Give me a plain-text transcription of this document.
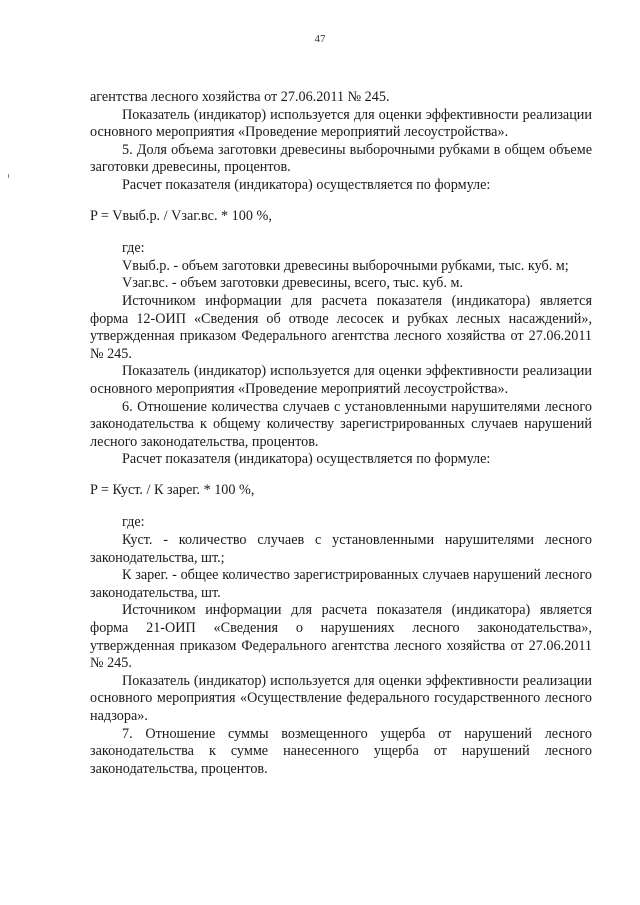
47

агентства лесного хозяйства от 27.06.2011 № 245.

Показатель (индикатор) используется для оценки эффективности реализации основного мероприятия «Проведение мероприятий лесоустройства».

5. Доля объема заготовки древесины выборочными рубками в общем объеме заготовки древесины, процентов.

Расчет показателя (индикатора) осуществляется по формуле:

P = Vвыб.р. / Vзаг.вс. * 100 %,

где:

Vвыб.р. - объем заготовки древесины выборочными рубками, тыс. куб. м;

Vзаг.вс. - объем заготовки древесины, всего, тыс. куб. м.

Источником информации для расчета показателя (индикатора) является форма 12-ОИП «Сведения об отводе лесосек и рубках лесных насаждений», утвержденная приказом Федерального агентства лесного хозяйства от 27.06.2011 № 245.

Показатель (индикатор) используется для оценки эффективности реализации основного мероприятия «Проведение мероприятий лесоустройства».

6. Отношение количества случаев с установленными нарушителями лесного законодательства к общему количеству зарегистрированных случаев нарушений лесного законодательства, процентов.

Расчет показателя (индикатора) осуществляется по формуле:

P = Куст. / К зарег. * 100 %,

где:

Куст. - количество случаев с установленными нарушителями лесного законодательства, шт.;

К зарег. - общее количество зарегистрированных случаев нарушений лесного законодательства, шт.

Источником информации для расчета показателя (индикатора) является форма 21-ОИП «Сведения о нарушениях лесного законодательства», утвержденная приказом Федерального агентства лесного хозяйства от 27.06.2011 № 245.

Показатель (индикатор) используется для оценки эффективности реализации основного мероприятия «Осуществление федерального государственного лесного надзора».

7. Отношение суммы возмещенного ущерба от нарушений лесного законодательства к сумме нанесенного ущерба от нарушений лесного законодательства, процентов.
